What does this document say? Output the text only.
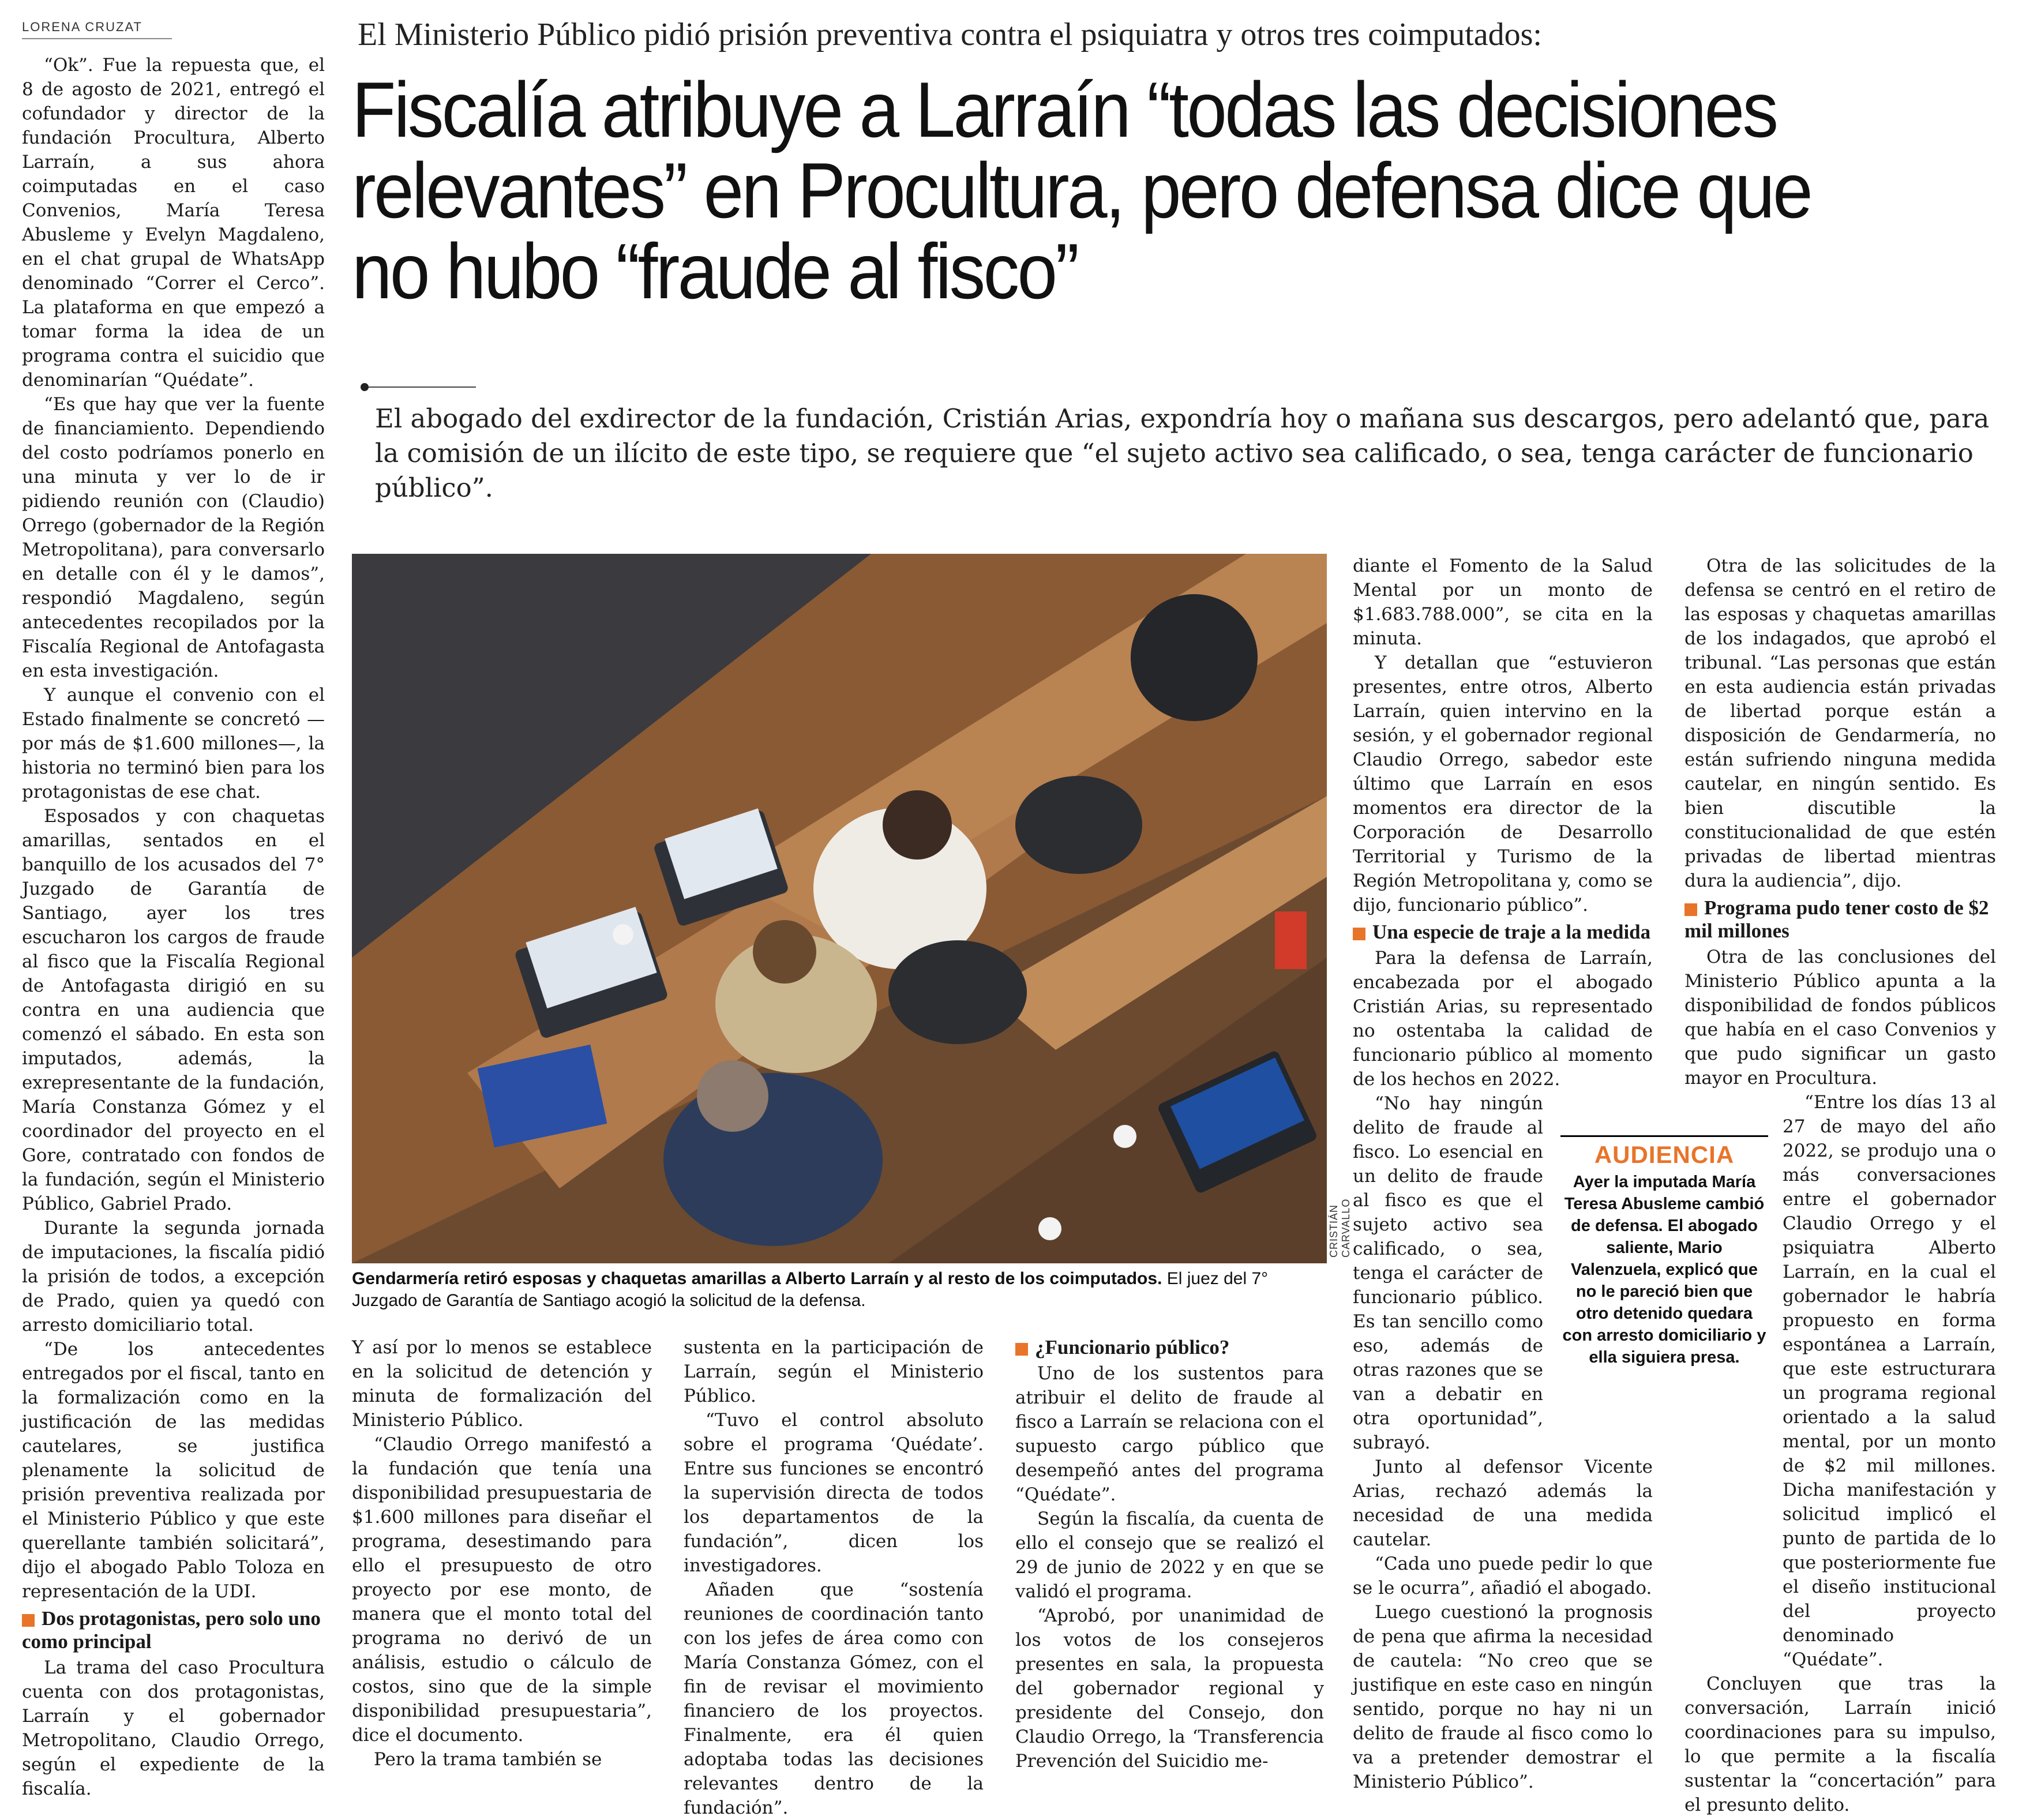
LORENA CRUZAT

“Ok”. Fue la repuesta que, el 8 de agosto de 2021, entregó el cofundador y director de la fundación Procultura, Alberto Larraín, a sus ahora coimputadas en el caso Convenios, María Teresa Abusleme y Evelyn Magdaleno, en el chat grupal de WhatsApp denominado “Correr el Cerco”. La plataforma en que empezó a tomar forma la idea de un programa contra el suicidio que denominarían “Quédate”.

“Es que hay que ver la fuente de financiamiento. Dependiendo del costo podríamos ponerlo en una minuta y ver lo de ir pidiendo reunión con (Claudio) Orrego (gobernador de la Región Metropolitana), para conversarlo en detalle con él y le damos”, respondió Magdaleno, según antecedentes recopilados por la Fiscalía Regional de Antofagasta en esta investigación.

Y aunque el convenio con el Estado finalmente se concretó —por más de $1.600 millones—, la historia no terminó bien para los protagonistas de ese chat.

Esposados y con chaquetas amarillas, sentados en el banquillo de los acusados del 7° Juzgado de Garantía de Santiago, ayer los tres escucharon los cargos de fraude al fisco que la Fiscalía Regional de Antofagasta dirigió en su contra en una audiencia que comenzó el sábado. En esta son imputados, además, la exrepresentante de la fundación, María Constanza Gómez y el coordinador del proyecto en el Gore, contratado con fondos de la fundación, según el Ministerio Público, Gabriel Prado.

Durante la segunda jornada de imputaciones, la fiscalía pidió la prisión de todos, a excepción de Prado, quien ya quedó con arresto domiciliario total.

“De los antecedentes entregados por el fiscal, tanto en la formalización como en la justificación de las medidas cautelares, se justifica plenamente la solicitud de prisión preventiva realizada por el Ministerio Público y que este querellante también solicitará”, dijo el abogado Pablo Toloza en representación de la UDI.

Dos protagonistas, pero solo uno como principal

La trama del caso Procultura cuenta con dos protagonistas, Larraín y el gobernador Metropolitano, Claudio Orrego, según el expediente de la fiscalía.

El Ministerio Público pidió prisión preventiva contra el psiquiatra y otros tres coimputados:
Fiscalía atribuye a Larraín “todas las decisiones relevantes” en Procultura, pero defensa dice que no hubo “fraude al fisco”
El abogado del exdirector de la fundación, Cristián Arias, expondría hoy o mañana sus descargos, pero adelantó que, para la comisión de un ilícito de este tipo, se requiere que “el sujeto activo sea calificado, o sea, tenga carácter de funcionario público”.
CRISTIÁN CARVALLO
Gendarmería retiró esposas y chaquetas amarillas a Alberto Larraín y al resto de los coimputados. El juez del 7° Juzgado de Garantía de Santiago acogió la solicitud de la defensa.

Y así por lo menos se establece en la solicitud de detención y minuta de formalización del Ministerio Público.

“Claudio Orrego manifestó a la fundación que tenía una disponibilidad presupuestaria de $1.600 millones para diseñar el programa, desestimando para ello el presupuesto de otro proyecto por ese monto, de manera que el monto total del programa no derivó de un análisis, estudio o cálculo de costos, sino que de la simple disponibilidad presupuestaria”, dice el documento.

Pero la trama también se

sustenta en la participación de Larraín, según el Ministerio Público.

“Tuvo el control absoluto sobre el programa ‘Quédate’. Entre sus funciones se encontró la supervisión directa de todos los departamentos de la fundación”, dicen los investigadores.

Añaden que “sostenía reuniones de coordinación tanto con los jefes de área como con María Constanza Gómez, con el fin de revisar el movimiento financiero de los proyectos. Finalmente, era él quien adoptaba todas las decisiones relevantes dentro de la fundación”.

¿Funcionario público?

Uno de los sustentos para atribuir el delito de fraude al fisco a Larraín se relaciona con el supuesto cargo público que desempeñó antes del programa “Quédate”.

Según la fiscalía, da cuenta de ello el consejo que se realizó el 29 de junio de 2022 y en que se validó el programa.

“Aprobó, por unanimidad de los votos de los consejeros presentes en sala, la propuesta del gobernador regional y presidente del Consejo, don Claudio Orrego, la ‘Transferencia Prevención del Suicidio me-

diante el Fomento de la Salud Mental por un monto de $1.683.788.000”, se cita en la minuta.

Y detallan que “estuvieron presentes, entre otros, Alberto Larraín, quien intervino en la sesión, y el gobernador regional Claudio Orrego, sabedor este último que Larraín en esos momentos era director de la Corporación de Desarrollo Territorial y Turismo de la Región Metropolitana y, como se dijo, funcionario público”.

Una especie de traje a la medida

Para la defensa de Larraín, encabezada por el abogado Cristián Arias, su representado no ostentaba la calidad de funcionario público al momento de los hechos en 2022.

“No hay ningún delito de fraude al fisco. Lo esencial en un delito de fraude al fisco es que el sujeto activo sea calificado, o sea, tenga el carácter de funcionario público. Es tan sencillo como eso, además de otras razones que se van a debatir en otra oportunidad”, subrayó.

Junto al defensor Vicente Arias, rechazó además la necesidad de una medida cautelar.

“Cada uno puede pedir lo que se le ocurra”, añadió el abogado.

Luego cuestionó la prognosis de pena que afirma la necesidad de cautela: “No creo que se justifique en este caso en ningún sentido, porque no hay ni un delito de fraude al fisco como lo va a pretender demostrar el Ministerio Público”.

AUDIENCIA
Ayer la imputada María Teresa Abusleme cambió de defensa. El abogado saliente, Mario Valenzuela, explicó que no le pareció bien que otro detenido quedara con arresto domiciliario y ella siguiera presa.

Otra de las solicitudes de la defensa se centró en el retiro de las esposas y chaquetas amarillas de los indagados, que aprobó el tribunal. “Las personas que están en esta audiencia están privadas de libertad porque están a disposición de Gendarmería, no están sufriendo ninguna medida cautelar, en ningún sentido. Es bien discutible la constitucionalidad de que estén privadas de libertad mientras dura la audiencia”, dijo.

Programa pudo tener costo de $2 mil millones

Otra de las conclusiones del Ministerio Público apunta a la disponibilidad de fondos públicos que había en el caso Convenios y que pudo significar un gasto mayor en Procultura.

“Entre los días 13 al 27 de mayo del año 2022, se produjo una o más conversaciones entre el gobernador Claudio Orrego y el psiquiatra Alberto Larraín, en la cual el gobernador le habría propuesto en forma espontánea a Larraín, que este estructurara un programa regional orientado a la salud mental, por un monto de $2 mil millones. Dicha manifestación y solicitud implicó el punto de partida de lo que posteriormente fue el diseño institucional del proyecto denominado “Quédate”.

Concluyen que tras la conversación, Larraín inició coordinaciones para su impulso, lo que permite a la fiscalía sustentar la “concertación” para el presunto delito.
